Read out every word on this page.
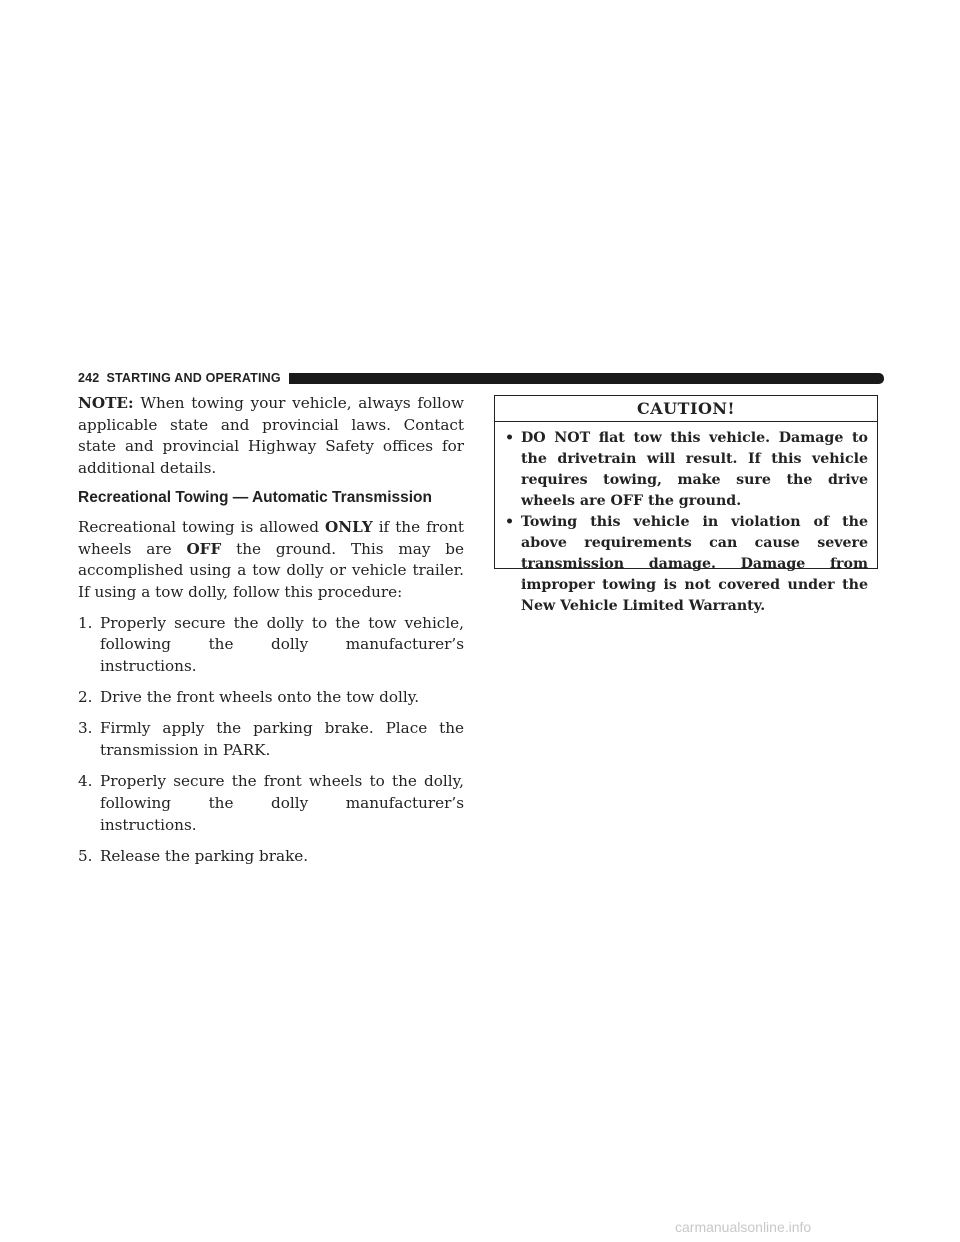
242 STARTING AND OPERATING

NOTE: When towing your vehicle, always follow applicable state and provincial laws. Contact state and provincial Highway Safety offices for additional details.

Recreational Towing — Automatic Transmission

Recreational towing is allowed ONLY if the front wheels are OFF the ground. This may be accomplished using a tow dolly or vehicle trailer. If using a tow dolly, follow this procedure:

1. Properly secure the dolly to the tow vehicle, following the dolly manufacturer’s instructions.
2. Drive the front wheels onto the tow dolly.
3. Firmly apply the parking brake. Place the transmission in PARK.
4. Properly secure the front wheels to the dolly, following the dolly manufacturer’s instructions.
5. Release the parking brake.
CAUTION!
• DO NOT flat tow this vehicle. Damage to the drivetrain will result. If this vehicle requires towing, make sure the drive wheels are OFF the ground.
• Towing this vehicle in violation of the above requirements can cause severe transmission damage. Damage from improper towing is not covered under the New Vehicle Limited Warranty.
carmanualsonline.info
